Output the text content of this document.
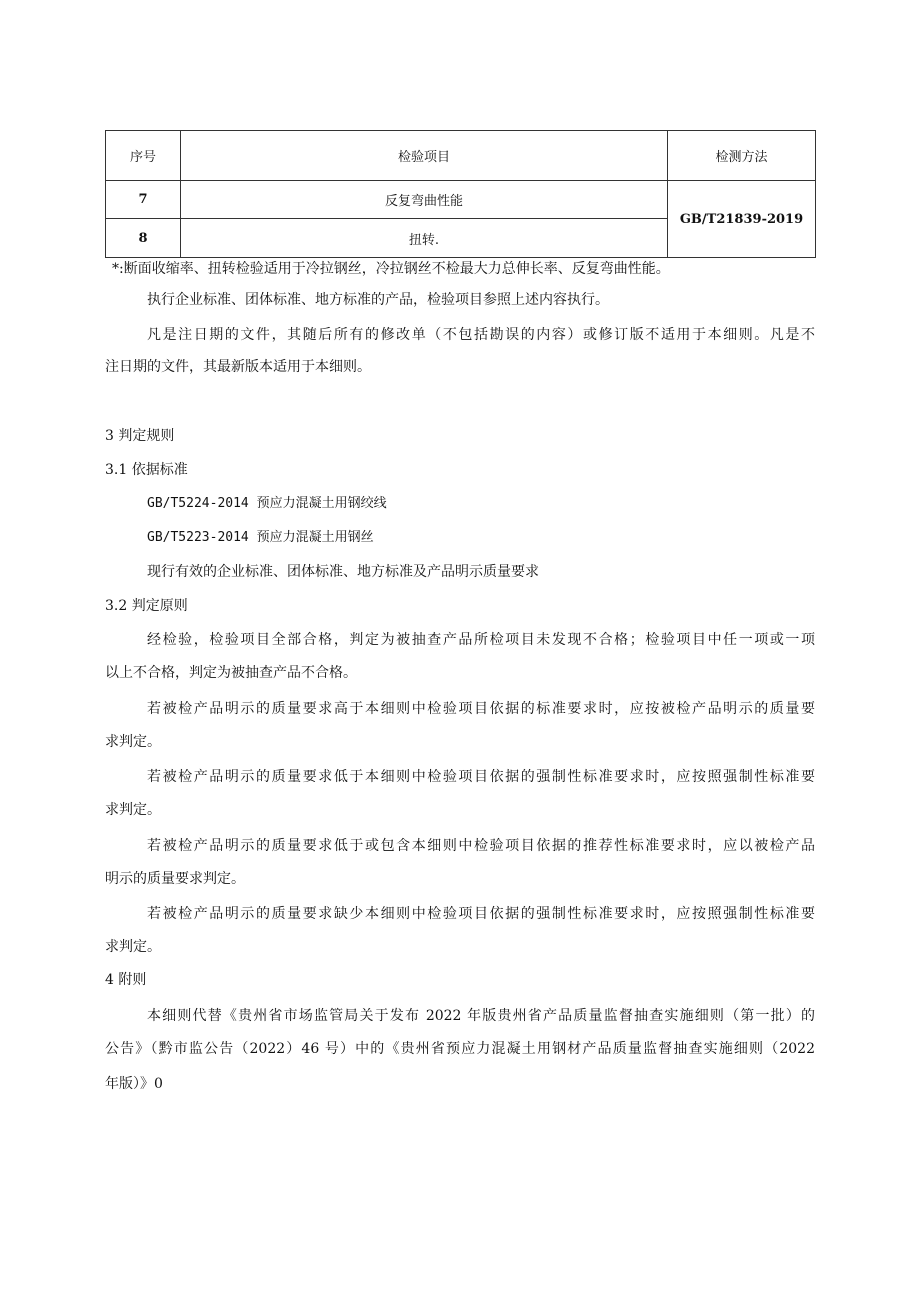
序号	检验项目	检测方法
7	反复弯曲性能	GB/T21839-2019
8	扭转.	
*:断面收缩率、扭转检验适用于冷拉钢丝，冷拉钢丝不检最大力总伸长率、反复弯曲性能。
执行企业标准、团体标准、地方标准的产品，检验项目参照上述内容执行。
凡是注日期的文件，其随后所有的修改单（不包括勘误的内容）或修订版不适用于本细则。凡是不
注日期的文件，其最新版本适用于本细则。
3 判定规则
3.1 依据标准
GB/T5224-2014 预应力混凝土用钢绞线
GB/T5223-2014 预应力混凝土用钢丝
现行有效的企业标准、团体标准、地方标准及产品明示质量要求
3.2 判定原则
经检验，检验项目全部合格，判定为被抽查产品所检项目未发现不合格；检验项目中任一项或一项
以上不合格，判定为被抽查产品不合格。
若被检产品明示的质量要求高于本细则中检验项目依据的标准要求时，应按被检产品明示的质量要
求判定。
若被检产品明示的质量要求低于本细则中检验项目依据的强制性标准要求时，应按照强制性标准要
求判定。
若被检产品明示的质量要求低于或包含本细则中检验项目依据的推荐性标准要求时，应以被检产品
明示的质量要求判定。
若被检产品明示的质量要求缺少本细则中检验项目依据的强制性标准要求时，应按照强制性标准要
求判定。
4 附则
本细则代替《贵州省市场监管局关于发布 2022 年版贵州省产品质量监督抽查实施细则（第一批）的
公告》（黔市监公告（2022）46 号）中的《贵州省预应力混凝土用钢材产品质量监督抽查实施细则（2022
年版）》0
